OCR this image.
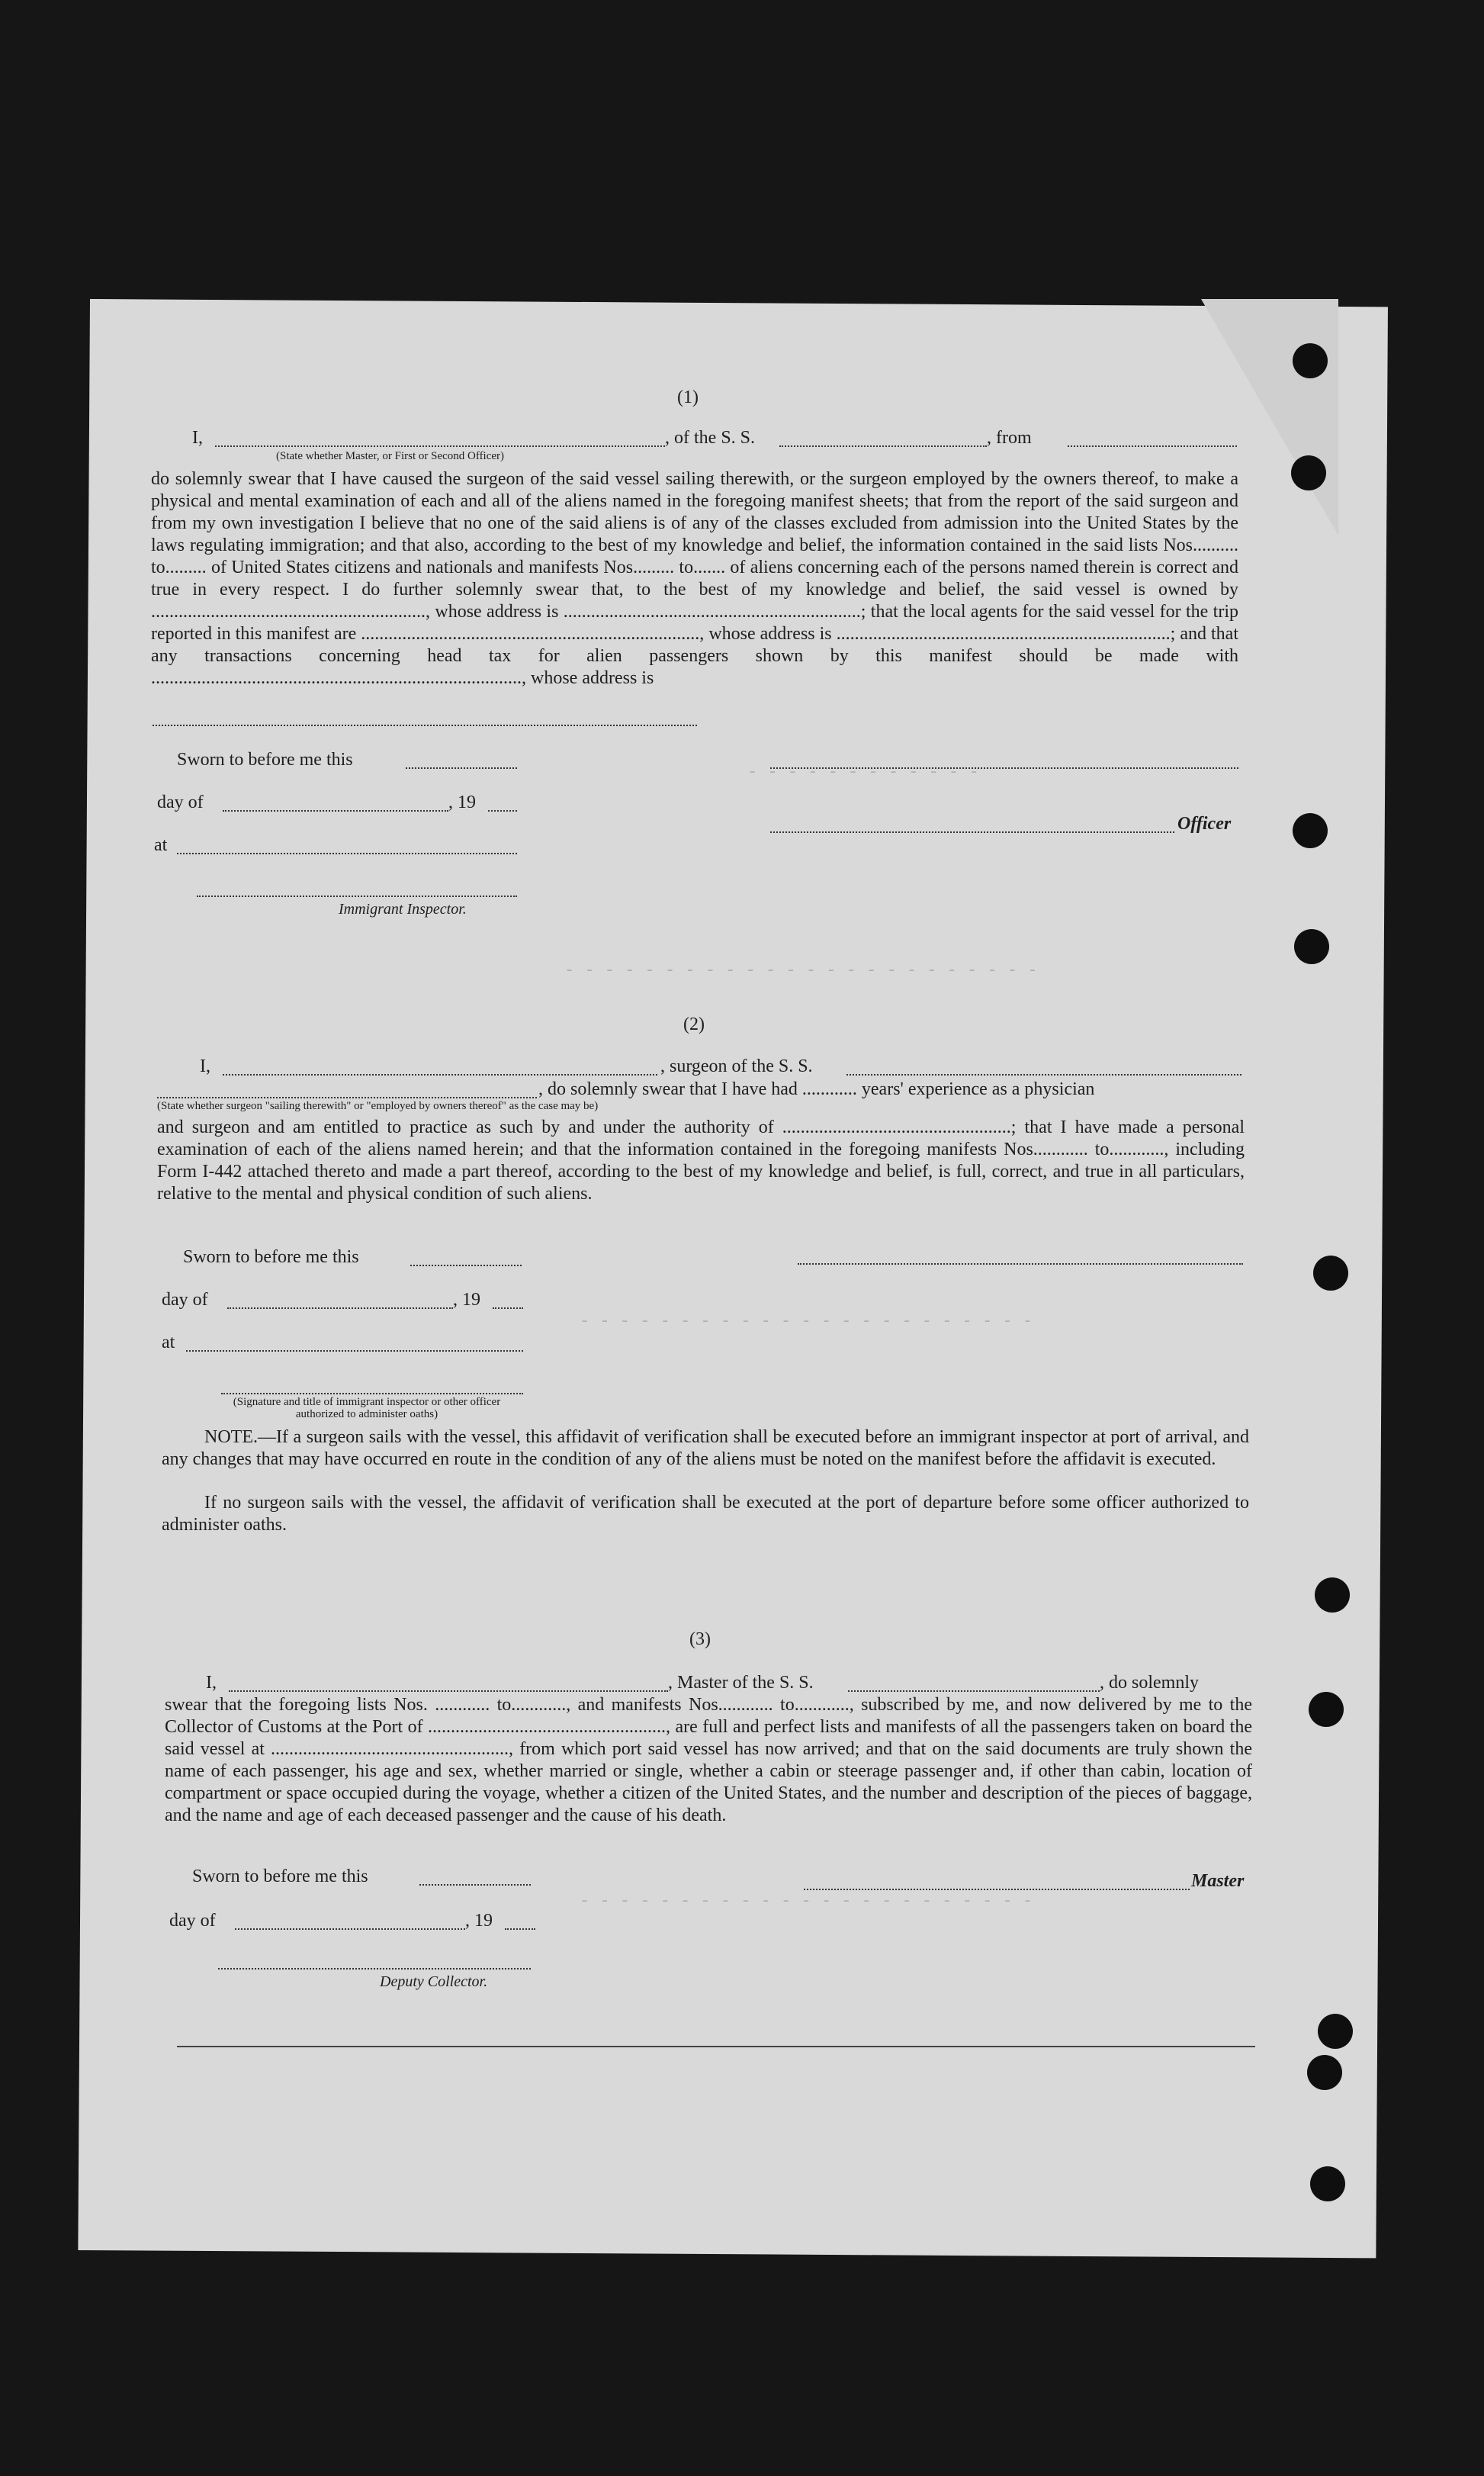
- - - - - - - - - - - -
- - - - - - - - - - - - - - - - - - - - - - - -
- - - - - - - - - - - - - - - - - - - - - - -
- - - - - - - - - - - - - - - - - - - - - - -
(1)
I,	, of the S. S.	, from
(State whether Master, or First or Second Officer)
do solemnly swear that I have caused the surgeon of the said vessel sailing therewith, or the surgeon employed by the owners thereof, to make a physical and mental examination of each and all of the aliens named in the foregoing manifest sheets; that from the report of the said surgeon and from my own investigation I believe that no one of the said aliens is of any of the classes excluded from admission into the United States by the laws regulating immigration; and that also, according to the best of my knowledge and belief, the information contained in the said lists Nos.......... to......... of United States citizens and nationals and manifests Nos......... to....... of aliens concerning each of the persons named therein is correct and true in every respect. I do further solemnly swear that, to the best of my knowledge and belief, the said vessel is owned by ............................................................, whose address is .................................................................; that the local agents for the said vessel for the trip reported in this manifest are .........................................................................., whose address is .........................................................................; and that any transactions concerning head tax for alien passengers shown by this manifest should be made with ................................................................................., whose address is
Sworn to before me this
day of	, 19
Officer
at
Immigrant Inspector.
(2)
I,	, surgeon of the S. S.
, do solemnly swear that I have had ............ years' experience as a physician
(State whether surgeon "sailing therewith" or "employed by owners thereof" as the case may be)
and surgeon and am entitled to practice as such by and under the authority of ..................................................; that I have made a personal examination of each of the aliens named herein; and that the information contained in the foregoing manifests Nos............ to............, including Form I-442 attached thereto and made a part thereof, according to the best of my knowledge and belief, is full, correct, and true in all particulars, relative to the mental and physical condition of such aliens.
Sworn to before me this
day of	, 19
at
(Signature and title of immigrant inspector or other officer authorized to administer oaths)
NOTE.—If a surgeon sails with the vessel, this affidavit of verification shall be executed before an immigrant inspector at port of arrival, and any changes that may have occurred en route in the condition of any of the aliens must be noted on the manifest before the affidavit is executed.
If no surgeon sails with the vessel, the affidavit of verification shall be executed at the port of departure before some officer authorized to administer oaths.
(3)
I,	, Master of the S. S.	, do solemnly
swear that the foregoing lists Nos. ............ to............, and manifests Nos............ to............, subscribed by me, and now delivered by me to the Collector of Customs at the Port of ...................................................., are full and perfect lists and manifests of all the passengers taken on board the said vessel at ...................................................., from which port said vessel has now arrived; and that on the said documents are truly shown the name of each passenger, his age and sex, whether married or single, whether a cabin or steerage passenger and, if other than cabin, location of compartment or space occupied during the voyage, whether a citizen of the United States, and the number and description of the pieces of baggage, and the name and age of each deceased passenger and the cause of his death.
Sworn to before me this	Master
day of	, 19
Deputy Collector.
